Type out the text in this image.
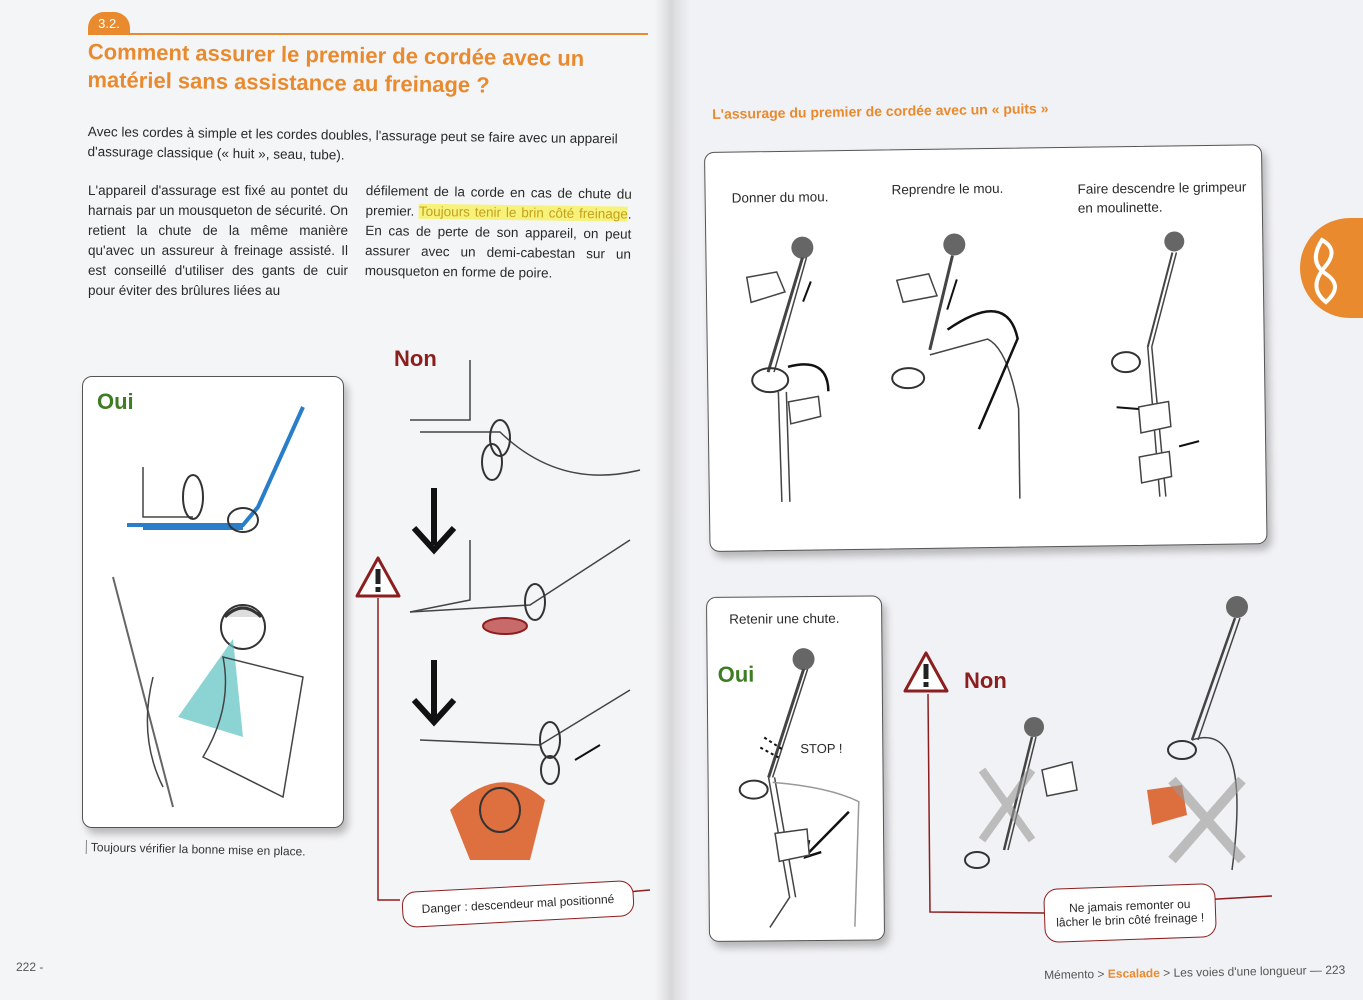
3.2.
Comment assurer le premier de cordée avec un matériel sans assistance au freinage ?
Avec les cordes à simple et les cordes doubles, l'assurage peut se faire avec un appareil d'assurage classique (« huit », seau, tube).
L'appareil d'assurage est fixé au pontet du harnais par un mousqueton de sécurité. On retient la chute de la même manière qu'avec un assureur à freinage assisté. Il est conseillé d'utiliser des gants de cuir pour éviter des brûlures liées au
défilement de la corde en cas de chute du premier. Toujours tenir le brin côté freinage. En cas de perte de son appareil, on peut assurer avec un demi-cabestan sur un mousqueton en forme de poire.
Oui
Toujours vérifier la bonne mise en place.
Non
Danger : descendeur mal positionné
222 -
L'assurage du premier de cordée avec un « puits »
Donner du mou.
Reprendre le mou.	Faire descendre le grimpeur en moulinette.
Retenir une chute.
Oui
STOP !
Non
Ne jamais remonter ou lâcher le brin côté freinage !
Mémento > Escalade > Les voies d'une longueur — 223
